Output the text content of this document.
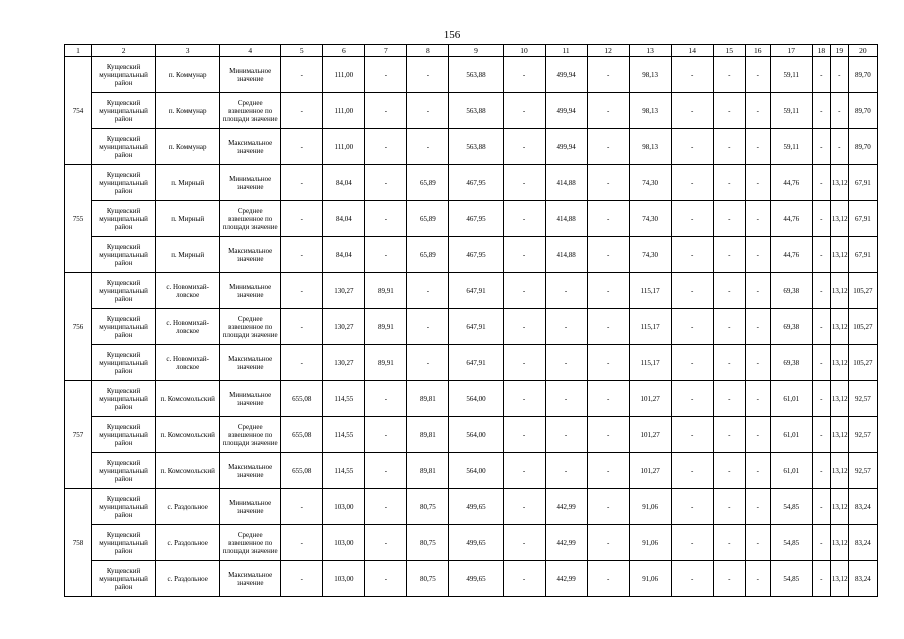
156
1	2	3	4	5	6	7	8	9	10	11	12	13	14	15	16	17	18	19	20
754	Кущевский муниципальный район	п. Коммунар	Минимальное значение	-	111,00	-	-	563,88	-	499,94	-	98,13	-	-	-	59,11	-	-	89,70
	Кущевский муниципальный район	п. Коммунар	Среднее взвешенное по площади значение	-	111,00	-	-	563,88	-	499,94	-	98,13	-	-	-	59,11	-	-	89,70
	Кущевский муниципальный район	п. Коммунар	Максимальное значение	-	111,00	-	-	563,88	-	499,94	-	98,13	-	-	-	59,11	-	-	89,70
755	Кущевский муниципальный район	п. Мирный	Минимальное значение	-	84,04	-	65,89	467,95	-	414,88	-	74,30	-	-	-	44,76	-	13,12	67,91
	Кущевский муниципальный район	п. Мирный	Среднее взвешенное по площади значение	-	84,04	-	65,89	467,95	-	414,88	-	74,30	-	-	-	44,76	-	13,12	67,91
	Кущевский муниципальный район	п. Мирный	Максимальное значение	-	84,04	-	65,89	467,95	-	414,88	-	74,30	-	-	-	44,76	-	13,12	67,91
756	Кущевский муниципальный район	с. Новомихай-ловское	Минимальное значение	-	130,27	89,91	-	647,91	-	-	-	115,17	-	-	-	69,38	-	13,12	105,27
	Кущевский муниципальный район	с. Новомихай-ловское	Среднее взвешенное по площади значение	-	130,27	89,91	-	647,91	-	-	-	115,17	-	-	-	69,38	-	13,12	105,27
	Кущевский муниципальный район	с. Новомихай-ловское	Максимальное значение	-	130,27	89,91	-	647,91	-	-	-	115,17	-	-	-	69,38	-	13,12	105,27
757	Кущевский муниципальный район	п. Комсомольский	Минимальное значение	655,08	114,55	-	89,81	564,00	-	-	-	101,27	-	-	-	61,01	-	13,12	92,57
	Кущевский муниципальный район	п. Комсомольский	Среднее взвешенное по площади значение	655,08	114,55	-	89,81	564,00	-	-	-	101,27	-	-	-	61,01	-	13,12	92,57
	Кущевский муниципальный район	п. Комсомольский	Максимальное значение	655,08	114,55	-	89,81	564,00	-	-	-	101,27	-	-	-	61,01	-	13,12	92,57
758	Кущевский муниципальный район	с. Раздольное	Минимальное значение	-	103,00	-	80,75	499,65	-	442,99	-	91,06	-	-	-	54,85	-	13,12	83,24
	Кущевский муниципальный район	с. Раздольное	Среднее взвешенное по площади значение	-	103,00	-	80,75	499,65	-	442,99	-	91,06	-	-	-	54,85	-	13,12	83,24
	Кущевский муниципальный район	с. Раздольное	Максимальное значение	-	103,00	-	80,75	499,65	-	442,99	-	91,06	-	-	-	54,85	-	13,12	83,24
